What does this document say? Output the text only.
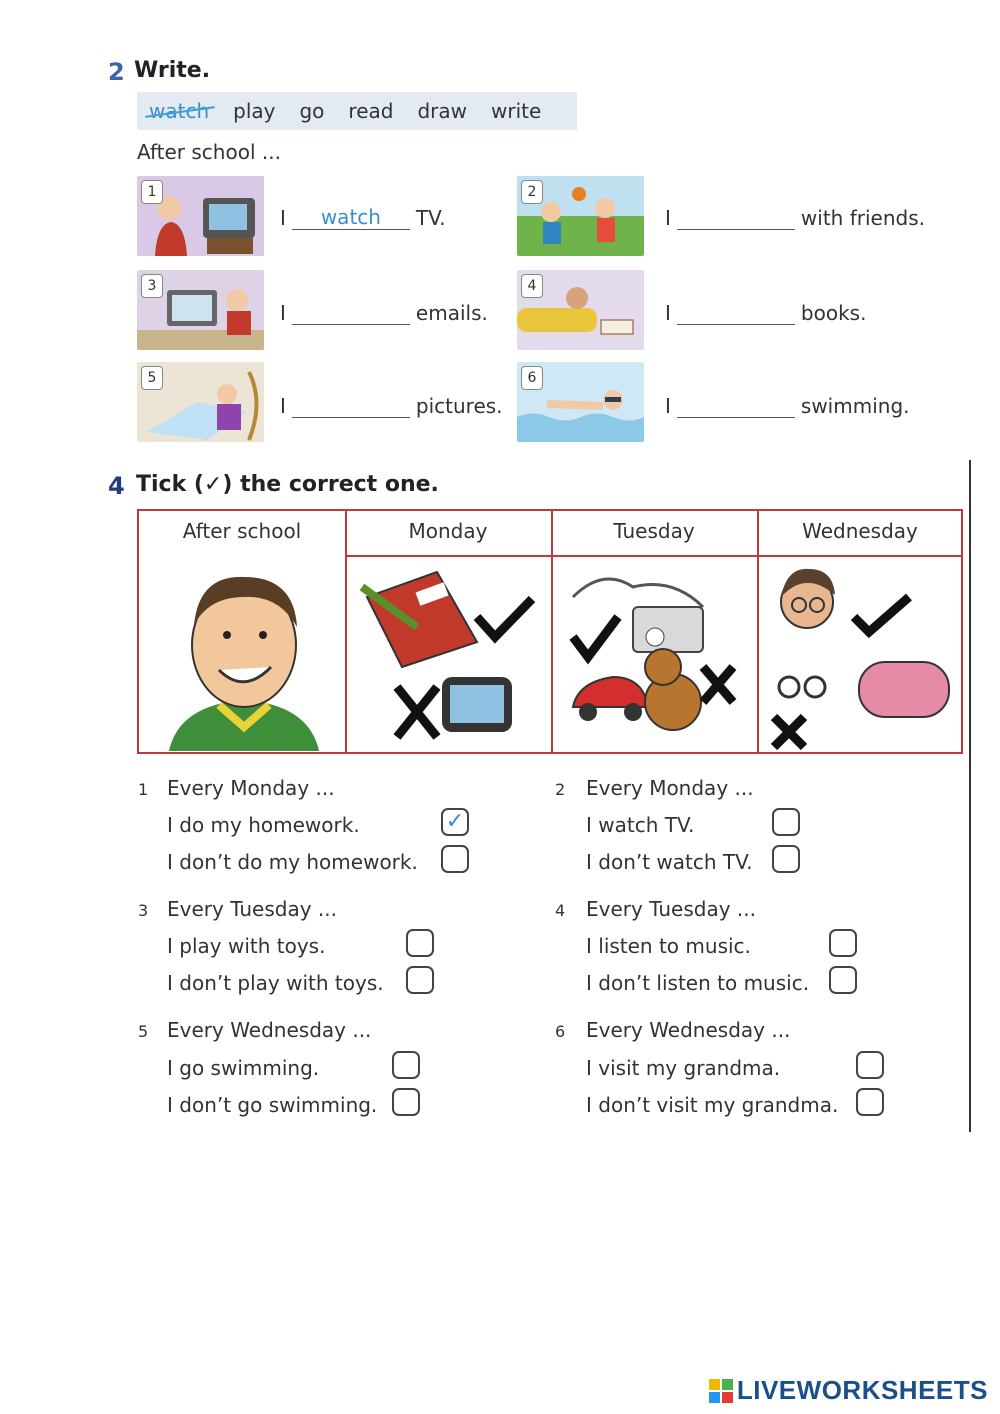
2 Write.
watch play go read draw write
After school ...
1
I	watch	TV.
2
I	with friends.
3
I	emails.
4
I	books.
5
I	pictures.
6
I	swimming.
4 Tick (✓) the correct one.
After school	Monday	Tuesday	Wednesday
1 Every Monday ...
I do my homework.	✓
I don’t do my homework.
2 Every Monday ...
I watch TV.
I don’t watch TV.
3 Every Tuesday ...
I play with toys.
I don’t play with toys.
4 Every Tuesday ...
I listen to music.
I don’t listen to music.
5 Every Wednesday ...
I go swimming.
I don’t go swimming.
6 Every Wednesday ...
I visit my grandma.
I don’t visit my grandma.
LIVEWORKSHEETS
